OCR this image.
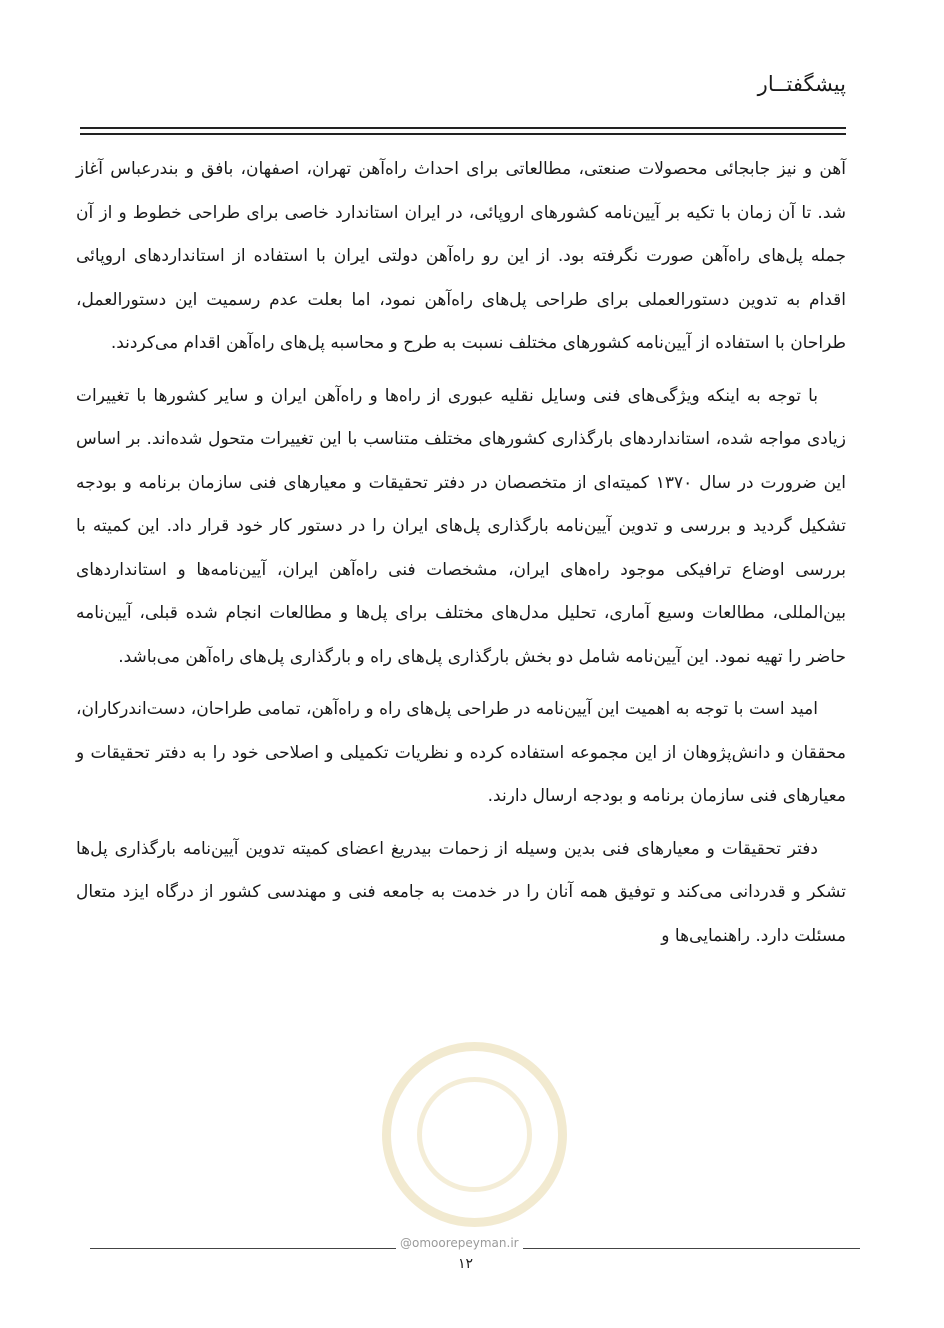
پیشگفتــار

آهن و نیز جابجائی محصولات صنعتی، مطالعاتی برای احداث راه‌آهن تهران، اصفهان، بافق و بندرعباس آغاز شد. تا آن زمان با تکیه بر آیین‌نامه کشورهای اروپائی، در ایران استاندارد خاصی برای طراحی خطوط و از آن جمله پل‌های راه‌آهن صورت نگرفته بود. از این رو راه‌آهن دولتی ایران با استفاده از استانداردهای اروپائی اقدام به تدوین دستورالعملی برای طراحی پل‌های راه‌آهن نمود، اما بعلت عدم رسمیت این دستورالعمل، طراحان با استفاده از آیین‌نامه کشورهای مختلف نسبت به طرح و محاسبه پل‌های راه‌آهن اقدام می‌کردند.

با توجه به اینکه ویژگی‌های فنی وسایل نقلیه عبوری از راه‌ها و راه‌آهن ایران و سایر کشورها با تغییرات زیادی مواجه شده، استانداردهای بارگذاری کشورهای مختلف متناسب با این تغییرات متحول شده‌اند. بر اساس این ضرورت در سال ۱۳۷۰ کمیته‌ای از متخصصان در دفتر تحقیقات و معیارهای فنی سازمان برنامه و بودجه تشکیل گردید و بررسی و تدوین آیین‌نامه بارگذاری پل‌های ایران را در دستور کار خود قرار داد. این کمیته با بررسی اوضاع ترافیکی موجود راه‌های ایران، مشخصات فنی راه‌آهن ایران، آیین‌نامه‌ها و استانداردهای بین‌المللی، مطالعات وسیع آماری، تحلیل مدل‌های مختلف برای پل‌ها و مطالعات انجام شده قبلی، آیین‌نامه حاضر را تهیه نمود. این آیین‌نامه شامل دو بخش بارگذاری پل‌های راه و بارگذاری پل‌های راه‌آهن می‌باشد.

امید است با توجه به اهمیت این آیین‌نامه در طراحی پل‌های راه و راه‌آهن، تمامی طراحان، دست‌اندرکاران، محققان و دانش‌پژوهان از این مجموعه استفاده کرده و نظریات تکمیلی و اصلاحی خود را به دفتر تحقیقات و معیارهای فنی سازمان برنامه و بودجه ارسال دارند.

دفتر تحقیقات و معیارهای فنی بدین وسیله از زحمات بیدریغ اعضای کمیته تدوین آیین‌نامه بارگذاری پل‌ها تشکر و قدردانی می‌کند و توفیق همه آنان را در خدمت به جامعه فنی و مهندسی کشور از درگاه ایزد متعال مسئلت دارد. راهنمایی‌ها و

@omoorepeyman.ir
۱۲
